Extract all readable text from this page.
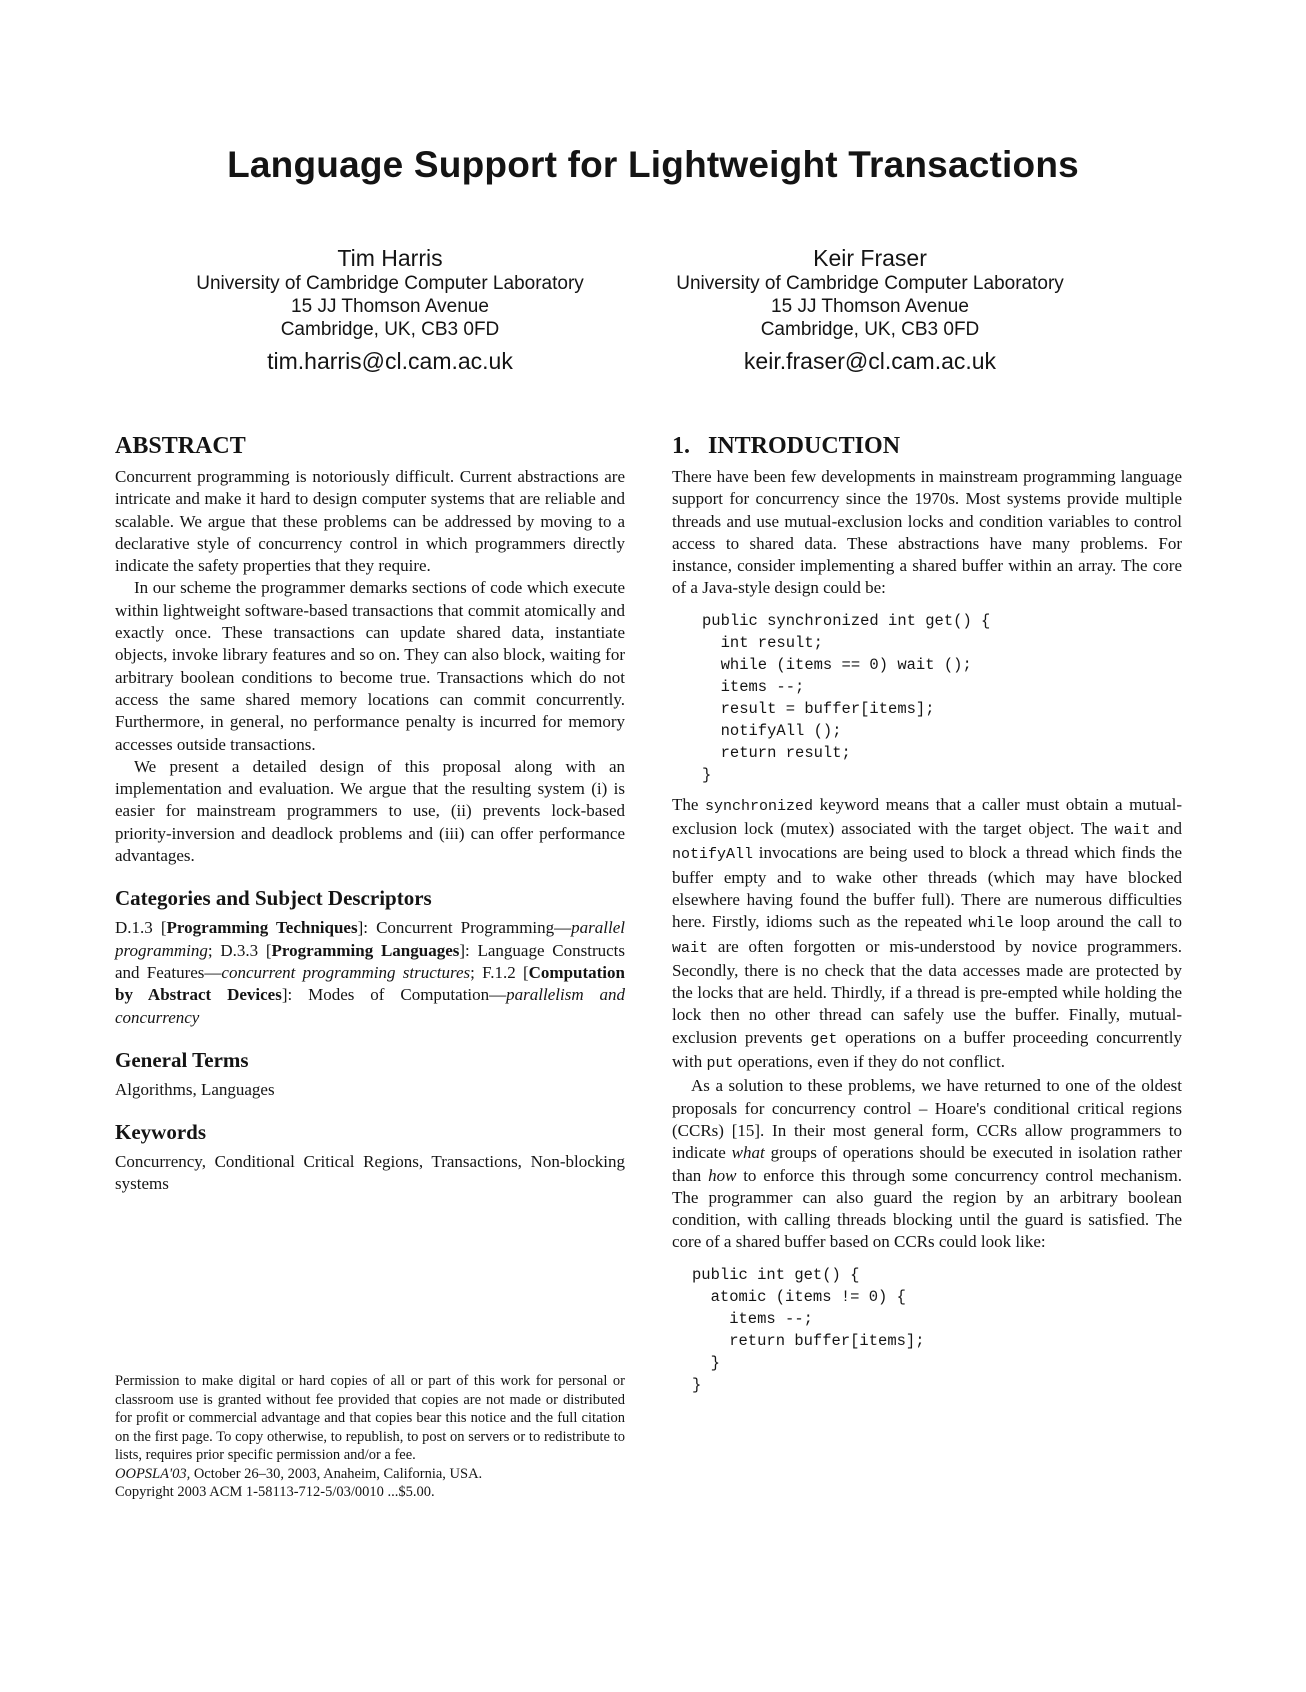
Language Support for Lightweight Transactions
Tim Harris
University of Cambridge Computer Laboratory
15 JJ Thomson Avenue
Cambridge, UK, CB3 0FD
tim.harris@cl.cam.ac.uk
Keir Fraser
University of Cambridge Computer Laboratory
15 JJ Thomson Avenue
Cambridge, UK, CB3 0FD
keir.fraser@cl.cam.ac.uk
ABSTRACT

Concurrent programming is notoriously difficult. Current abstractions are intricate and make it hard to design computer systems that are reliable and scalable. We argue that these problems can be addressed by moving to a declarative style of concurrency control in which programmers directly indicate the safety properties that they require.

In our scheme the programmer demarks sections of code which execute within lightweight software-based transactions that commit atomically and exactly once. These transactions can update shared data, instantiate objects, invoke library features and so on. They can also block, waiting for arbitrary boolean conditions to become true. Transactions which do not access the same shared memory locations can commit concurrently. Furthermore, in general, no performance penalty is incurred for memory accesses outside transactions.

We present a detailed design of this proposal along with an implementation and evaluation. We argue that the resulting system (i) is easier for mainstream programmers to use, (ii) prevents lock-based priority-inversion and deadlock problems and (iii) can offer performance advantages.

Categories and Subject Descriptors

D.1.3 [Programming Techniques]: Concurrent Programming—parallel programming; D.3.3 [Programming Languages]: Language Constructs and Features—concurrent programming structures; F.1.2 [Computation by Abstract Devices]: Modes of Computation—parallelism and concurrency

General Terms

Algorithms, Languages

Keywords

Concurrency, Conditional Critical Regions, Transactions, Non-blocking systems

Permission to make digital or hard copies of all or part of this work for personal or classroom use is granted without fee provided that copies are not made or distributed for profit or commercial advantage and that copies bear this notice and the full citation on the first page. To copy otherwise, to republish, to post on servers or to redistribute to lists, requires prior specific permission and/or a fee.
OOPSLA'03, October 26–30, 2003, Anaheim, California, USA.
Copyright 2003 ACM 1-58113-712-5/03/0010 ...$5.00.
1.   INTRODUCTION

There have been few developments in mainstream programming language support for concurrency since the 1970s. Most systems provide multiple threads and use mutual-exclusion locks and condition variables to control access to shared data. These abstractions have many problems. For instance, consider implementing a shared buffer within an array. The core of a Java-style design could be:

public synchronized int get() {
int result;
while (items == 0) wait ();
items --;
result = buffer[items];
notifyAll ();
return result;
}

The synchronized keyword means that a caller must obtain a mutual-exclusion lock (mutex) associated with the target object. The wait and notifyAll invocations are being used to block a thread which finds the buffer empty and to wake other threads (which may have blocked elsewhere having found the buffer full). There are numerous difficulties here. Firstly, idioms such as the repeated while loop around the call to wait are often forgotten or mis-understood by novice programmers. Secondly, there is no check that the data accesses made are protected by the locks that are held. Thirdly, if a thread is pre-empted while holding the lock then no other thread can safely use the buffer. Finally, mutual-exclusion prevents get operations on a buffer proceeding concurrently with put operations, even if they do not conflict.

As a solution to these problems, we have returned to one of the oldest proposals for concurrency control – Hoare's conditional critical regions (CCRs) [15]. In their most general form, CCRs allow programmers to indicate what groups of operations should be executed in isolation rather than how to enforce this through some concurrency control mechanism. The programmer can also guard the region by an arbitrary boolean condition, with calling threads blocking until the guard is satisfied. The core of a shared buffer based on CCRs could look like:

public int get() {
atomic (items != 0) {
items --;
return buffer[items];
}
}
